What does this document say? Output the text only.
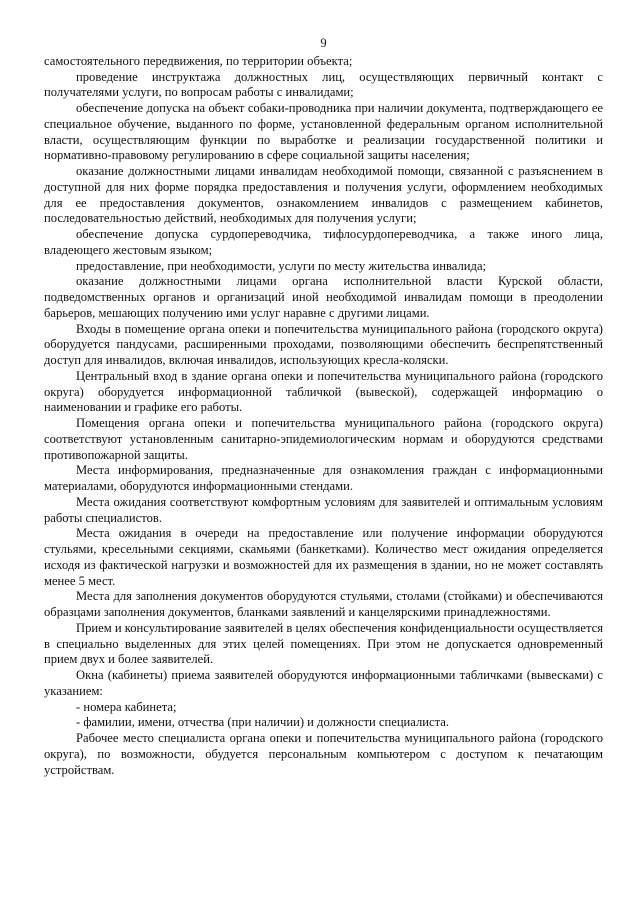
9

самостоятельного передвижения, по территории объекта;

проведение инструктажа должностных лиц, осуществляющих первичный контакт с получателями услуги, по вопросам работы с инвалидами;

обеспечение допуска на объект собаки-проводника при наличии документа, подтверждающего ее специальное обучение, выданного по форме, установленной федеральным органом исполнительной власти, осуществляющим функции по выработке и реализации государственной политики и нормативно-правовому регулированию в сфере социальной защиты населения;

оказание должностными лицами инвалидам необходимой помощи, связанной с разъяснением в доступной для них форме порядка предоставления и получения услуги, оформлением необходимых для ее предоставления документов, ознакомлением инвалидов с размещением кабинетов, последовательностью действий, необходимых для получения услуги;

обеспечение допуска сурдопереводчика, тифлосурдопереводчика, а также иного лица, владеющего жестовым языком;

предоставление, при необходимости, услуги по месту жительства инвалида;

оказание должностными лицами органа исполнительной власти Курской области, подведомственных органов и организаций иной необходимой инвалидам помощи в преодолении барьеров, мешающих получению ими услуг наравне с другими лицами.

Входы в помещение органа опеки и попечительства муниципального района (городского округа) оборудуется пандусами, расширенными проходами, позволяющими обеспечить беспрепятственный доступ для инвалидов, включая инвалидов, использующих кресла-коляски.

Центральный вход в здание органа опеки и попечительства муниципального района (городского округа) оборудуется информационной табличкой (вывеской), содержащей информацию о наименовании и графике его работы.

Помещения органа опеки и попечительства муниципального района (городского округа) соответствуют установленным санитарно-эпидемиологическим нормам и оборудуются средствами противопожарной защиты.

Места информирования, предназначенные для ознакомления граждан с информационными материалами, оборудуются информационными стендами.

Места ожидания соответствуют комфортным условиям для заявителей и оптимальным условиям работы специалистов.

Места ожидания в очереди на предоставление или получение информации оборудуются стульями, кресельными секциями, скамьями (банкетками). Количество мест ожидания определяется исходя из фактической нагрузки и возможностей для их размещения в здании, но не может составлять менее 5 мест.

Места для заполнения документов оборудуются стульями, столами (стойками) и обеспечиваются образцами заполнения документов, бланками заявлений и канцелярскими принадлежностями.

Прием и консультирование заявителей в целях обеспечения конфиденциальности осуществляется в специально выделенных для этих целей помещениях. При этом не допускается одновременный прием двух и более заявителей.

Окна (кабинеты) приема заявителей оборудуются информационными табличками (вывесками) с указанием:

- номера кабинета;

- фамилии, имени, отчества (при наличии) и должности специалиста.

Рабочее место специалиста органа опеки и попечительства муниципального района (городского округа), по возможности, обудуется персональным компьютером с доступом к печатающим устройствам.
